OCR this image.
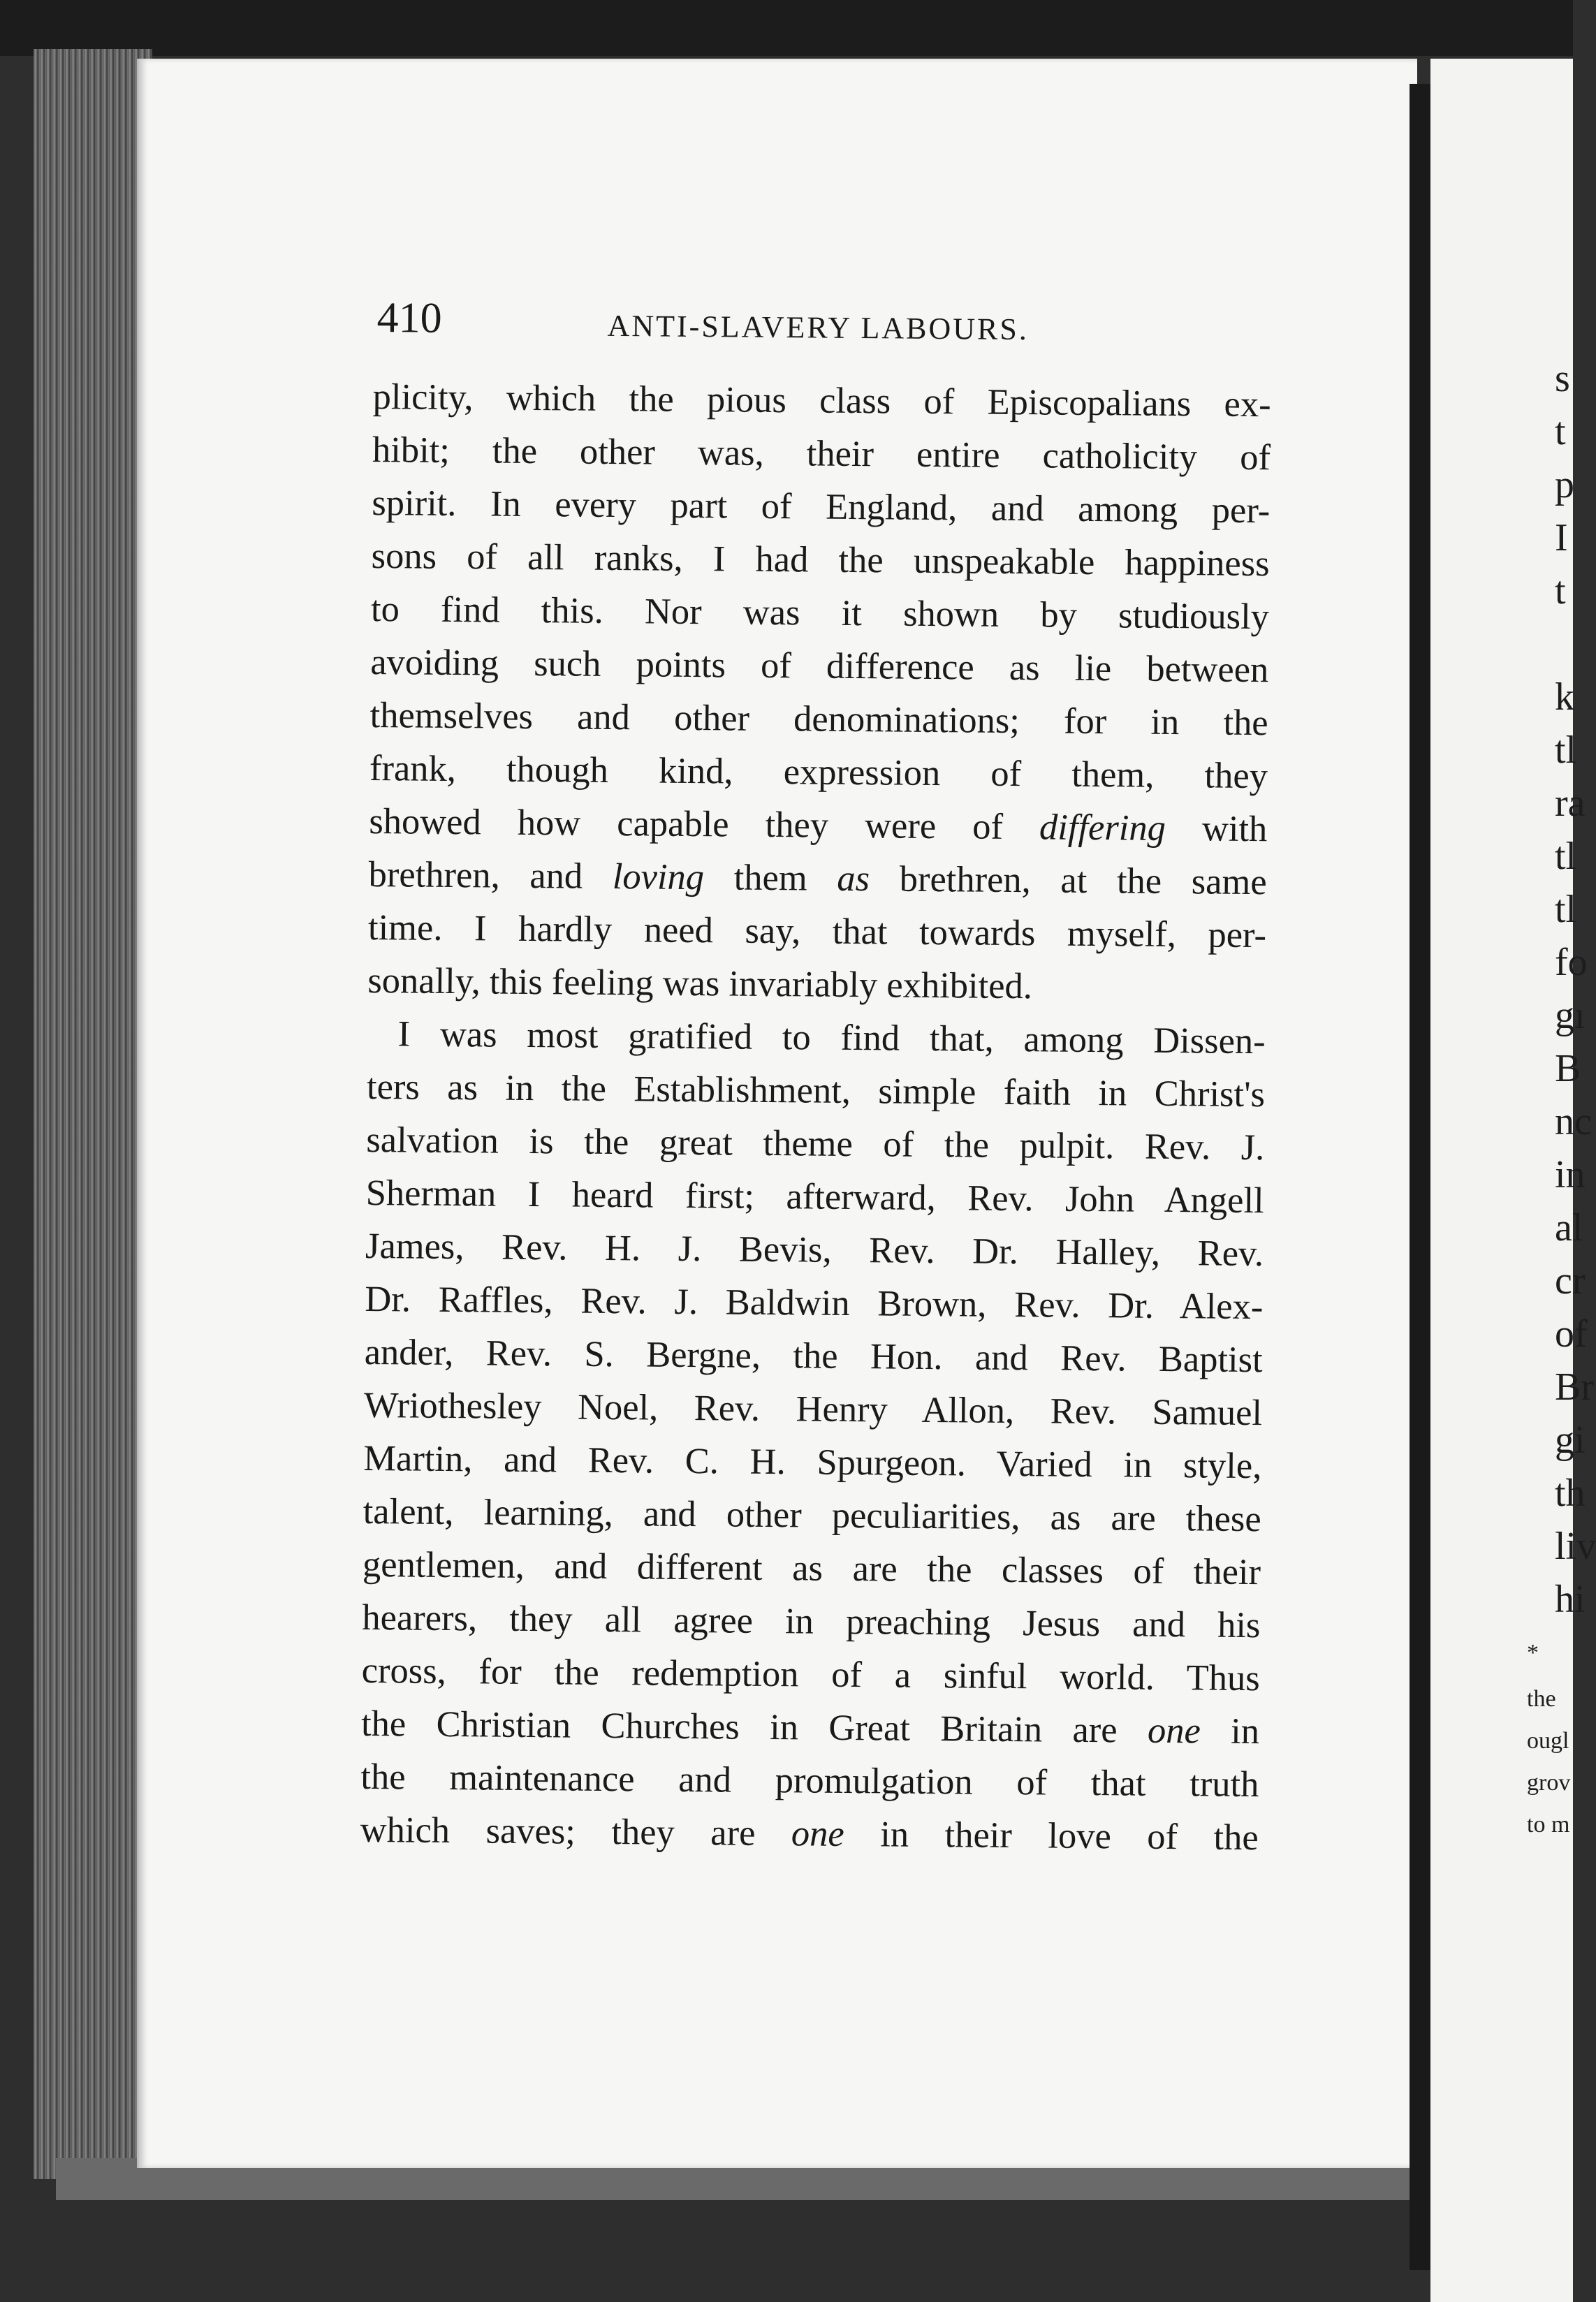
410	ANTI-SLAVERY LABOURS.
plicity, which the pious class of Episcopalians ex-
hibit; the other was, their entire catholicity of
spirit. In every part of England, and among per-
sons of all ranks, I had the unspeakable happiness
to find this. Nor was it shown by studiously
avoiding such points of difference as lie between
themselves and other denominations; for in the
frank, though kind, expression of them, they
showed how capable they were of differing with
brethren, and loving them as brethren, at the same
time. I hardly need say, that towards myself, per-
sonally, this feeling was invariably exhibited.
I was most gratified to find that, among Dissen-
ters as in the Establishment, simple faith in Christ's
salvation is the great theme of the pulpit. Rev. J.
Sherman I heard first; afterward, Rev. John Angell
James, Rev. H. J. Bevis, Rev. Dr. Halley, Rev.
Dr. Raffles, Rev. J. Baldwin Brown, Rev. Dr. Alex-
ander, Rev. S. Bergne, the Hon. and Rev. Baptist
Wriothesley Noel, Rev. Henry Allon, Rev. Samuel
Martin, and Rev. C. H. Spurgeon. Varied in style,
talent, learning, and other peculiarities, as are these
gentlemen, and different as are the classes of their
hearers, they all agree in preaching Jesus and his
cross, for the redemption of a sinful world. Thus
the Christian Churches in Great Britain are one in
the maintenance and promulgation of that truth
which saves; they are one in their love of the
s
t
p
I
t
k
tl
ra
tl
tl
fo
gı
B
nc
in
al
cr
of
Br
gi
th
liv
hi
*
the
ougl
grov
to m
